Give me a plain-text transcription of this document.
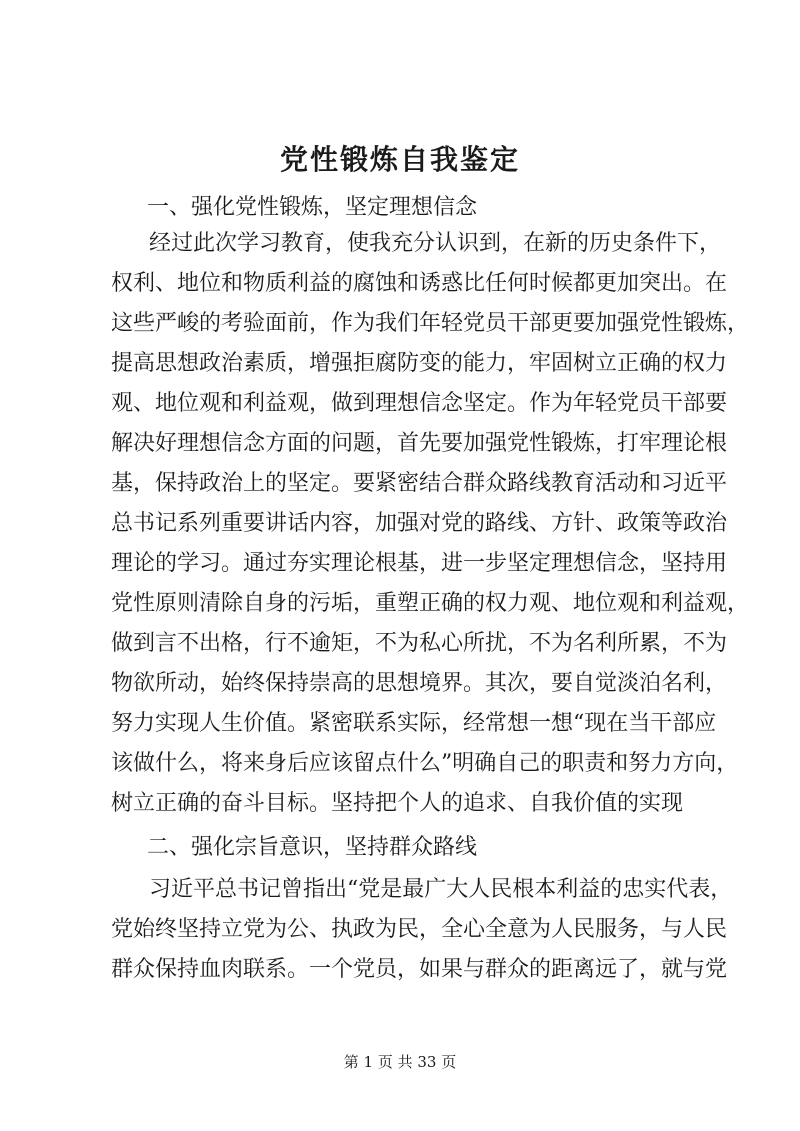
党性锻炼自我鉴定
一、强化党性锻炼，坚定理想信念
经过此次学习教育，使我充分认识到，在新的历史条件下，
权利、地位和物质利益的腐蚀和诱惑比任何时候都更加突出。在
这些严峻的考验面前，作为我们年轻党员干部更要加强党性锻炼，
提高思想政治素质，增强拒腐防变的能力，牢固树立正确的权力
观、地位观和利益观，做到理想信念坚定。作为年轻党员干部要
解决好理想信念方面的问题，首先要加强党性锻炼，打牢理论根
基，保持政治上的坚定。要紧密结合群众路线教育活动和习近平
总书记系列重要讲话内容，加强对党的路线、方针、政策等政治
理论的学习。通过夯实理论根基，进一步坚定理想信念，坚持用
党性原则清除自身的污垢，重塑正确的权力观、地位观和利益观，
做到言不出格，行不逾矩，不为私心所扰，不为名利所累，不为
物欲所动，始终保持崇高的思想境界。其次，要自觉淡泊名利，
努力实现人生价值。紧密联系实际，经常想一想“现在当干部应
该做什么，将来身后应该留点什么”明确自己的职责和努力方向，
树立正确的奋斗目标。坚持把个人的追求、自我价值的实现
二、强化宗旨意识，坚持群众路线
习近平总书记曾指出“党是最广大人民根本利益的忠实代表，
党始终坚持立党为公、执政为民，全心全意为人民服务，与人民
群众保持血肉联系。一个党员，如果与群众的距离远了，就与党
第 1 页 共 33 页
